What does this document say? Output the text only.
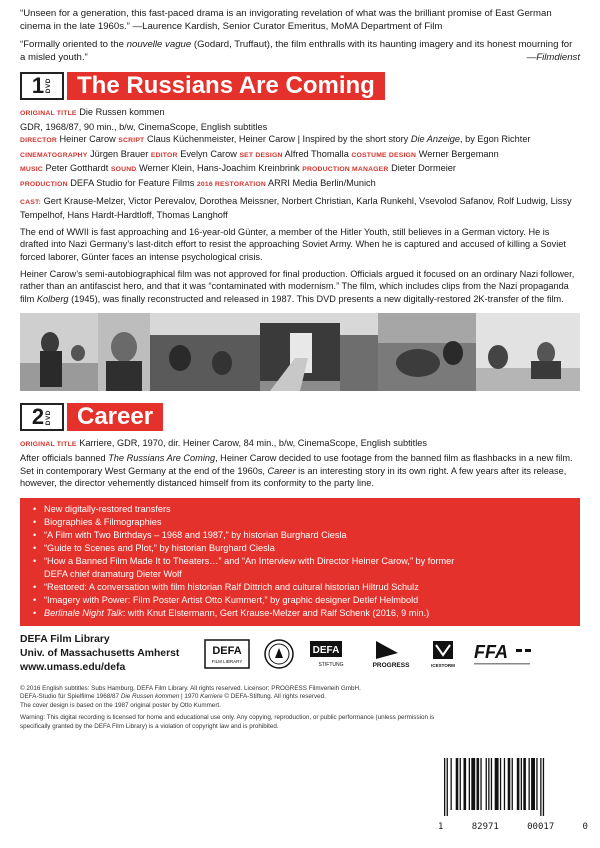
“Unseen for a generation, this fast-paced drama is an invigorating revelation of what was the brilliant promise of East German cinema in the late 1960s.” —Laurence Kardish, Senior Curator Emeritus, MoMA Department of Film

“Formally oriented to the nouvelle vague (Godard, Truffaut), the film enthralls with its haunting imagery and its honest mourning for a misled youth.”	—Filmdienst

1 DVD	The Russians Are Coming
ORIGINAL TITLE Die Russen kommen
GDR, 1968/87, 90 min., b/w, CinemaScope, English subtitles
DIRECTOR Heiner Carow SCRIPT Claus Küchenmeister, Heiner Carow | Inspired by the short story Die Anzeige, by Egon Richter
CINEMATOGRAPHY Jürgen Brauer EDITOR Evelyn Carow SET DESIGN Alfred Thomalla COSTUME DESIGN Werner Bergemann
MUSIC Peter Gotthardt SOUND Werner Klein, Hans-Joachim Kreinbrink PRODUCTION MANAGER Dieter Dormeier
PRODUCTION DEFA Studio for Feature Films 2016 RESTORATION ARRI Media Berlin/Munich
CAST: Gert Krause-Melzer, Victor Perevalov, Dorothea Meissner, Norbert Christian, Karla Runkehl, Vsevolod Safanov, Rolf Ludwig, Lissy Tempelhof, Hans Hardt-Hardtloff, Thomas Langhoff

The end of WWII is fast approaching and 16-year-old Günter, a member of the Hitler Youth, still believes in a German victory. He is drafted into Nazi Germany’s last-ditch effort to resist the approaching Soviet Army. When he is captured and accused of killing a Soviet forced laborer, Günter faces an intense psychological crisis.

Heiner Carow’s semi-autobiographical film was not approved for final production. Officials argued it focused on an ordinary Nazi follower, rather than an antifascist hero, and that it was “contaminated with modernism.” The film, which includes clips from the Nazi propaganda film Kolberg (1945), was finally reconstructed and released in 1987. This DVD presents a new digitally-restored 2K-transfer of the film.

2 DVD	Career
ORIGINAL TITLE Karriere, GDR, 1970, dir. Heiner Carow, 84 min., b/w, CinemaScope, English subtitles

After officials banned The Russians Are Coming, Heiner Carow decided to use footage from the banned film as flashbacks in a new film. Set in contemporary West Germany at the end of the 1960s, Career is an interesting story in its own right. A few years after its release, however, the director vehemently distanced himself from its conformity to the party line.

• New digitally-restored transfers
• Biographies & Filmographies
• “A Film with Two Birthdays – 1968 and 1987,” by historian Burghard Ciesla
• “Guide to Scenes and Plot,” by historian Burghard Ciesla
• “How a Banned Film Made It to Theaters…” and “An Interview with Director Heiner Carow,” by former
DEFA chief dramaturg Dieter Wolf
• “Restored: A conversation with film historian Ralf Dittrich and cultural historian Hiltrud Schulz
• “Imagery with Power: Film Poster Artist Otto Kummert,” by graphic designer Detlef Helmbold
• Berlinale Night Talk: with Knut Elstermann, Gert Krause-Melzer and Ralf Schenk (2016, 9 min.)
DEFA Film Library
Univ. of Massachusetts Amherst
www.umass.edu/defa
DEFA
FILM LIBRARY
DEFA
STIFTUNG	PROGRESS	ICESTORM
FFA
© 2016 English subtitles: Subs Hamburg, DEFA Film Library. All rights reserved. Licensor: PROGRESS Filmverleih GmbH.
DEFA-Studio für Spielfilme 1968/87 Die Russen kommen | 1970 Karriere © DEFA-Stiftung. All rights reserved.
The cover design is based on the 1987 original poster by Otto Kummert.
Warning: This digital recording is licensed for home and educational use only. Any copying, reproduction, or public performance (unless permission is specifically granted by the DEFA Film Library) is a violation of copyright law and is prohibited.
1	82971	00017	0
